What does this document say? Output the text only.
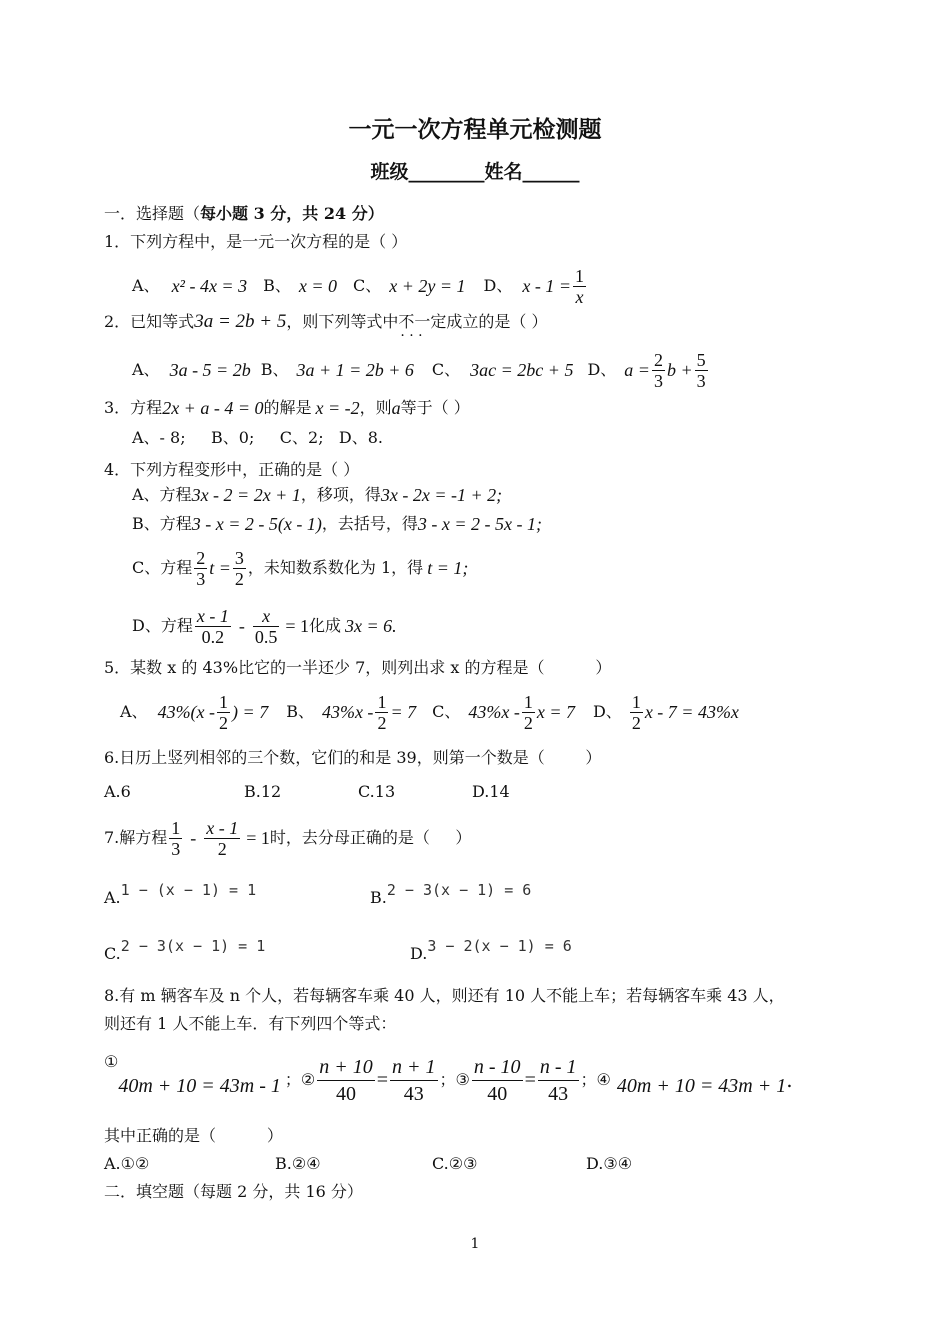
一元一次方程单元检测题
班级________姓名______
一．选择题（每小题 3 分，共 24 分）
1．下列方程中，是一元一次方程的是（ ）
A、 x² - 4x = 3 B、 x = 0 C、 x + 2y = 1 D、 $x - 1 = \frac{1}{x}$
2．已知等式 3a = 2b + 5 ，则下列等式中 不一定 · · · 成立的是（ ）
A、 3a - 5 = 2b B、 3a + 1 = 2b + 6 C、 3ac = 2bc + 5 D、 $a = \frac{2}{3}$ $b + \frac{5}{3}$
3．方程 2x + a - 4 = 0 的解是 x = -2 ，则 a 等于（ ）
A、- 8;     B、0;     C、2;   D、8.
4．下列方程变形中，正确的是（ ）
A、方程 3x - 2 = 2x + 1 ，移项，得 3x - 2x = -1 + 2;
B、方程 3 - x = 2 - 5(x - 1) ，去括号，得 3 - x = 2 - 5x - 1;
C、方程 $\frac{2}{3}$ $t = \frac{3}{2}$ ，未知数系数化为 1，得 t = 1;
D、方程 $\frac{x - 1}{0.2} - \frac{x}{0.5} = 1$ 化成 3x = 6.
5．某数 x 的 43%比它的一半还少 7，则列出求 x 的方程是（          ）
A、 $43\%(x - \frac{1}{2}$ ) = 7 B、 $43\%x - \frac{1}{2} = 7$ C、 $43\%x - \frac{1}{2}$ x = 7 D、 $\frac{1}{2}$ x - 7 = 43%x
6.日历上竖列相邻的三个数，它们的和是 39，则第一个数是（        ）
A.6	B.12	C.13	D.14
7.解方程 $\frac{1}{3} - \frac{x - 1}{2} = 1$ 时，去分母正确的是（     ）
A.1 − (x − 1) = 1	B.2 − 3(x − 1) = 6
C.2 − 3(x − 1) = 1	D.3 − 2(x − 1) = 6
8.有 m 辆客车及 n 个人，若每辆客车乘 40 人，则还有 10 人不能上车；若每辆客车乘 43 人，
则还有 1 人不能上车．有下列四个等式：
①
40m + 10 = 43m - 1 ； ② $\frac{n + 10}{40} = \frac{n + 1}{43}$ ； ③ $\frac{n - 10}{40} = \frac{n - 1}{43}$ ； ④ 40m + 10 = 43m + 1 .
其中正确的是（          ）
A.①②	B.②④	C.②③	D.③④
二．填空题（每题 2 分，共 16 分）
1
